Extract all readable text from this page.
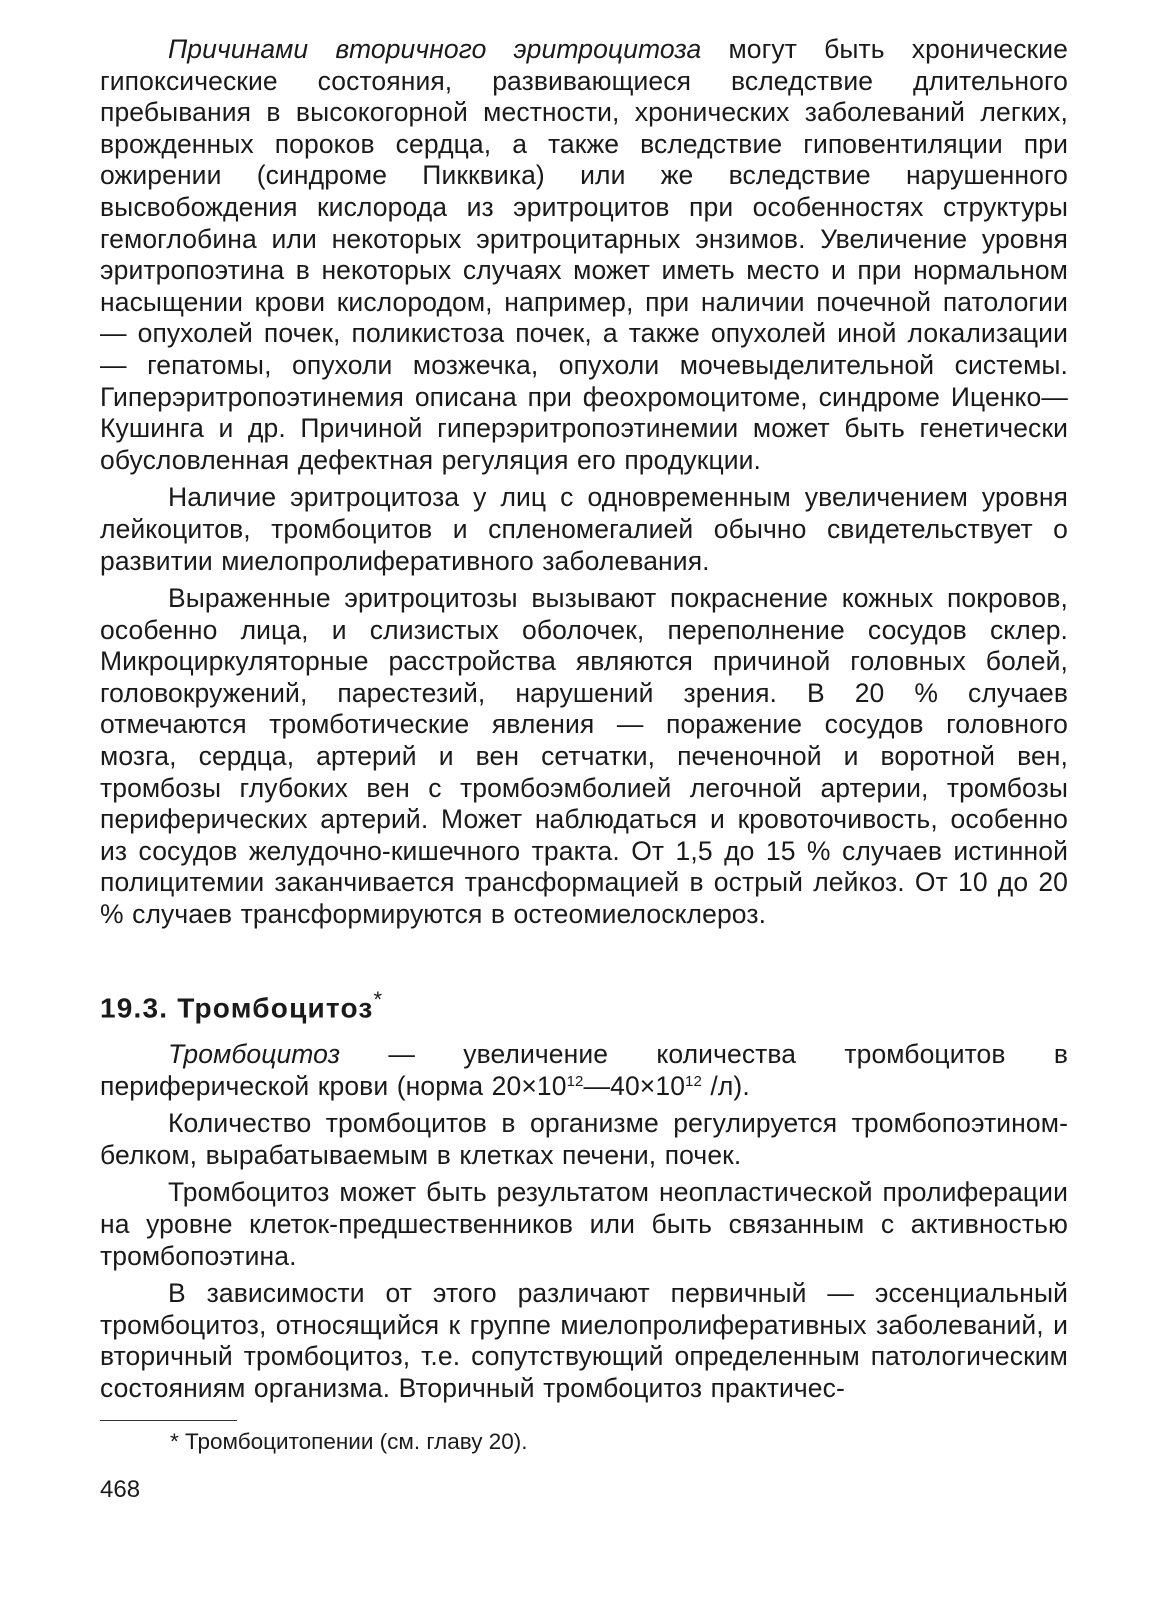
Причинами вторичного эритроцитоза могут быть хронические гипоксические состояния, развивающиеся вследствие длительного пребывания в высокогорной местности, хронических заболеваний легких, врожденных пороков сердца, а также вследствие гиповентиляции при ожирении (синдроме Пикквика) или же вследствие нарушенного высвобождения кислорода из эритроцитов при особенностях структуры гемоглобина или некоторых эритроцитарных энзимов. Увеличение уровня эритропоэтина в некоторых случаях может иметь место и при нормальном насыщении крови кислородом, например, при наличии почечной патологии — опухолей почек, поликистоза почек, а также опухолей иной локализации — гепатомы, опухоли мозжечка, опухоли мочевыделительной системы. Гиперэритропоэтинемия описана при феохромоцитоме, синдроме Иценко—Кушинга и др. Причиной гиперэритропоэтинемии может быть генетически обусловленная дефектная регуляция его продукции.

Наличие эритроцитоза у лиц с одновременным увеличением уровня лейкоцитов, тромбоцитов и спленомегалией обычно свидетельствует о развитии миелопролиферативного заболевания.

Выраженные эритроцитозы вызывают покраснение кожных покровов, особенно лица, и слизистых оболочек, переполнение сосудов склер. Микроциркуляторные расстройства являются причиной головных болей, головокружений, парестезий, нарушений зрения. В 20 % случаев отмечаются тромботические явления — поражение сосудов головного мозга, сердца, артерий и вен сетчатки, печеночной и воротной вен, тромбозы глубоких вен с тромбоэмболией легочной артерии, тромбозы периферических артерий. Может наблюдаться и кровоточивость, особенно из сосудов желудочно-кишечного тракта. От 1,5 до 15 % случаев истинной полицитемии заканчивается трансформацией в острый лейкоз. От 10 до 20 % случаев трансформируются в остеомиелосклероз.

19.3. Тромбоцитоз*

Тромбоцитоз — увеличение количества тромбоцитов в периферической крови (норма $20\times 10^{12}—40\times 10^{12}$ /л).

Количество тромбоцитов в организме регулируется тромбопоэтином-белком, вырабатываемым в клетках печени, почек.

Тромбоцитоз может быть результатом неопластической пролиферации на уровне клеток-предшественников или быть связанным с активностью тромбопоэтина.

В зависимости от этого различают первичный — эссенциальный тромбоцитоз, относящийся к группе миелопролиферативных заболеваний, и вторичный тромбоцитоз, т.е. сопутствующий определенным патологическим состояниям организма. Вторичный тромбоцитоз практичес-

* Тромбоцитопении (см. главу 20).
468
